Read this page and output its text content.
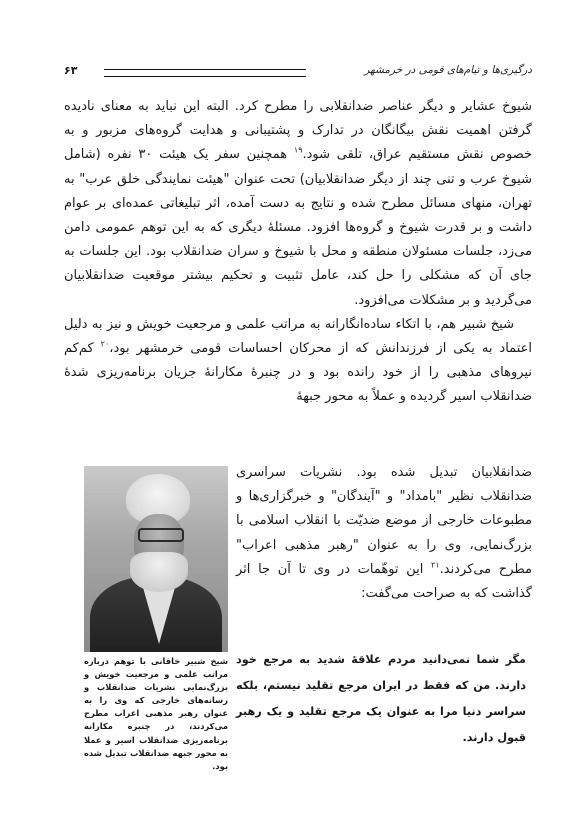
درگیری‌ها و تیام‌های قومی در خرمشهر
۶۳

شیوخ عشایر و دیگر عناصر ضدانقلابی را مطرح کرد. البته این نباید به معنای نادیده گرفتن اهمیت نقش بیگانگان در تدارک و پشتیبانی و هدایت گروه‌های مزبور و به خصوص نقش مستقیم عراق، تلقی شود.$^{۱۹}$ همچنین سفر یک هیئت ۳۰ نفره (شامل شیوخ عرب و تنی چند از دیگر ضدانقلابیان) تحت عنوان "هیئت نمایندگی خلق عرب" به تهران، منهای مسائل مطرح شده و نتایج به دست آمده، اثر تبلیغاتی عمده‌ای بر عوام داشت و بر قدرت شیوخ و گروه‌ها افزود. مسئلهٔ دیگری که به این توهم عمومی دامن می‌زد، جلسات مسئولان منطقه و محل با شیوخ و سران ضدانقلاب بود. این جلسات به جای آن که مشکلی را حل کند، عامل تثبیت و تحکیم بیشتر موقعیت ضدانقلابیان می‌گردید و بر مشکلات می‌افزود.

شیخ شبیر هم، با اتکاء ساده‌انگارانه به مراتب علمی و مرجعیت خویش و نیز به دلیل اعتماد به یکی از فرزندانش که از محرکان احساسات قومی خرمشهر بود،$^{۲۰}$ کم‌کم نیروهای مذهبی را از خود رانده بود و در چنبرهٔ مکارانهٔ جریان برنامه‌ریزی شدهٔ ضدانقلاب اسیر گردیده و عملاً به محور جبههٔ

ضدانقلابیان تبدیل شده بود. نشریات سراسری ضدانقلاب نظیر "بامداد" و "آیندگان" و خبرگزاری‌ها و مطبوعات خارجی از موضع ضدیّت با انقلاب اسلامی با بزرگ‌نمایی، وی را به عنوان "رهبر مذهبی اعراب" مطرح می‌کردند.$^{۲۱}$ این توهّمات در وی تا آن جا اثر گذاشت که به صراحت می‌گفت:

مگر شما نمی‌دانید مردم علاقهٔ شدید به مرجع خود دارند. من که فقط در ایران مرجع تقلید نیستم، بلکه سراسر دنیا مرا به عنوان یک مرجع تقلید و یک رهبر قبول دارند.
شیخ شبیر خاقانی با توهم درباره مراتب علمی و مرجعیت خویش و بزرگ‌نمایی نشریات ضدانقلاب و رسانه‌های خارجی که وی را به عنوان رهبر مذهبی اعراب مطرح می‌کردند، در چنبره مکارانه برنامه‌ریزی ضدانقلاب اسیر و عملا به محور جبهه ضدانقلاب تبدیل شده بود.
